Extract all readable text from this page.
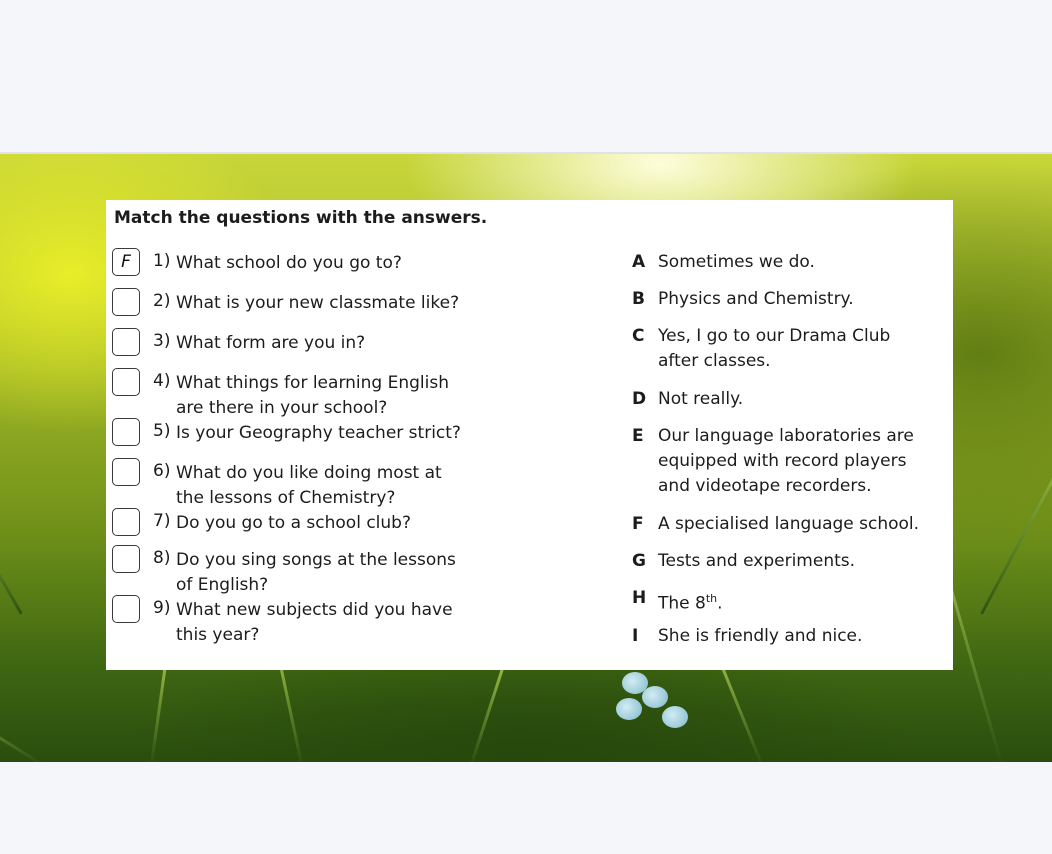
Match the questions with the answers.
F	1) What school do you go to?
2) What is your new classmate like?
3) What form are you in?
4) What things for learning English are there in your school?
5) Is your Geography teacher strict?
6) What do you like doing most at the lessons of Chemistry?
7) Do you go to a school club?
8) Do you sing songs at the lessons of English?
9) What new subjects did you have this year?
A Sometimes we do.
B Physics and Chemistry.
C Yes, I go to our Drama Club
after classes.
D Not really.
E Our language laboratories are
equipped with record players
and videotape recorders.
F A specialised language school.
G Tests and experiments.
H The 8th.
I She is friendly and nice.
